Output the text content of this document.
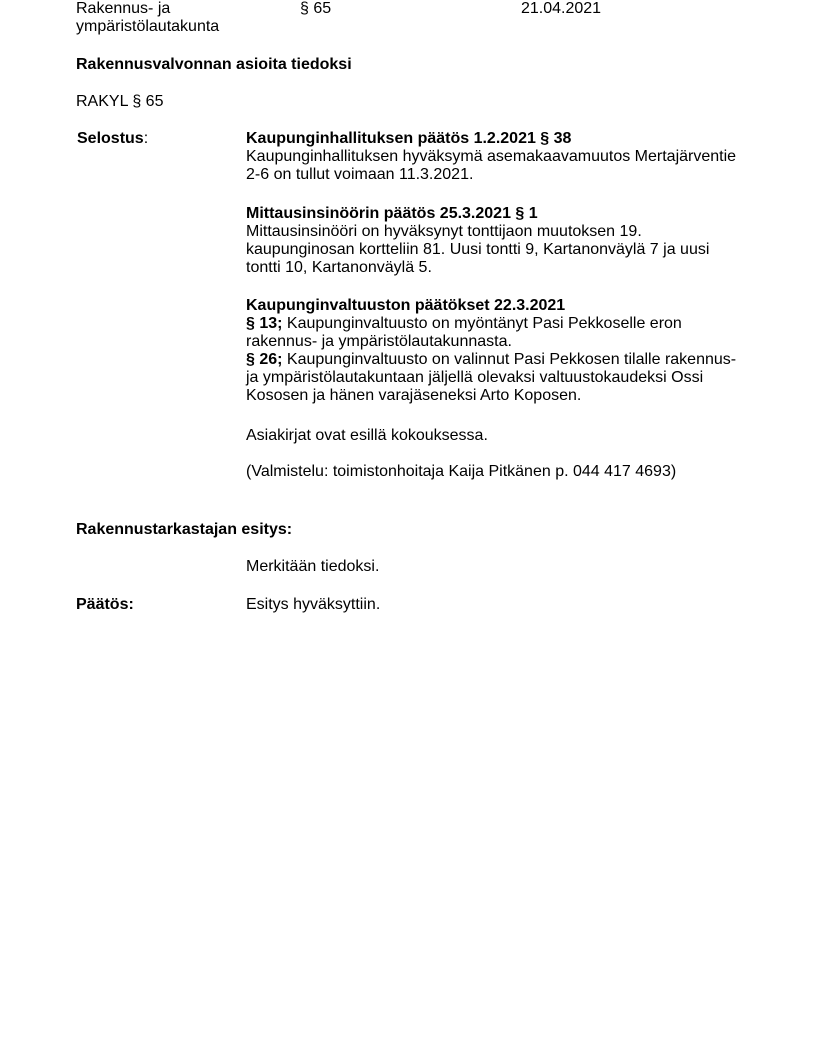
Rakennus- ja
ympäristölautakunta
§ 65	21.04.2021
Rakennusvalvonnan asioita tiedoksi
RAKYL § 65
Selostus:	Kaupunginhallituksen päätös 1.2.2021 § 38
Kaupunginhallituksen hyväksymä asemakaavamuutos Mertajärventie
2-6 on tullut voimaan 11.3.2021.
Mittausinsinöörin päätös 25.3.2021 § 1
Mittausinsinööri on hyväksynyt tonttijaon muutoksen 19.
kaupunginosan kortteliin 81. Uusi tontti 9, Kartanonväylä 7 ja uusi
tontti 10, Kartanonväylä 5.
Kaupunginvaltuuston päätökset 22.3.2021
§ 13; Kaupunginvaltuusto on myöntänyt Pasi Pekkoselle eron
rakennus- ja ympäristölautakunnasta.
§ 26; Kaupunginvaltuusto on valinnut Pasi Pekkosen tilalle rakennus-
ja ympäristölautakuntaan jäljellä olevaksi valtuustokaudeksi Ossi
Kososen ja hänen varajäseneksi Arto Koposen.
Asiakirjat ovat esillä kokouksessa.
(Valmistelu: toimistonhoitaja Kaija Pitkänen p. 044 417 4693)
Rakennustarkastajan esitys:
Merkitään tiedoksi.
Päätös:	Esitys hyväksyttiin.
